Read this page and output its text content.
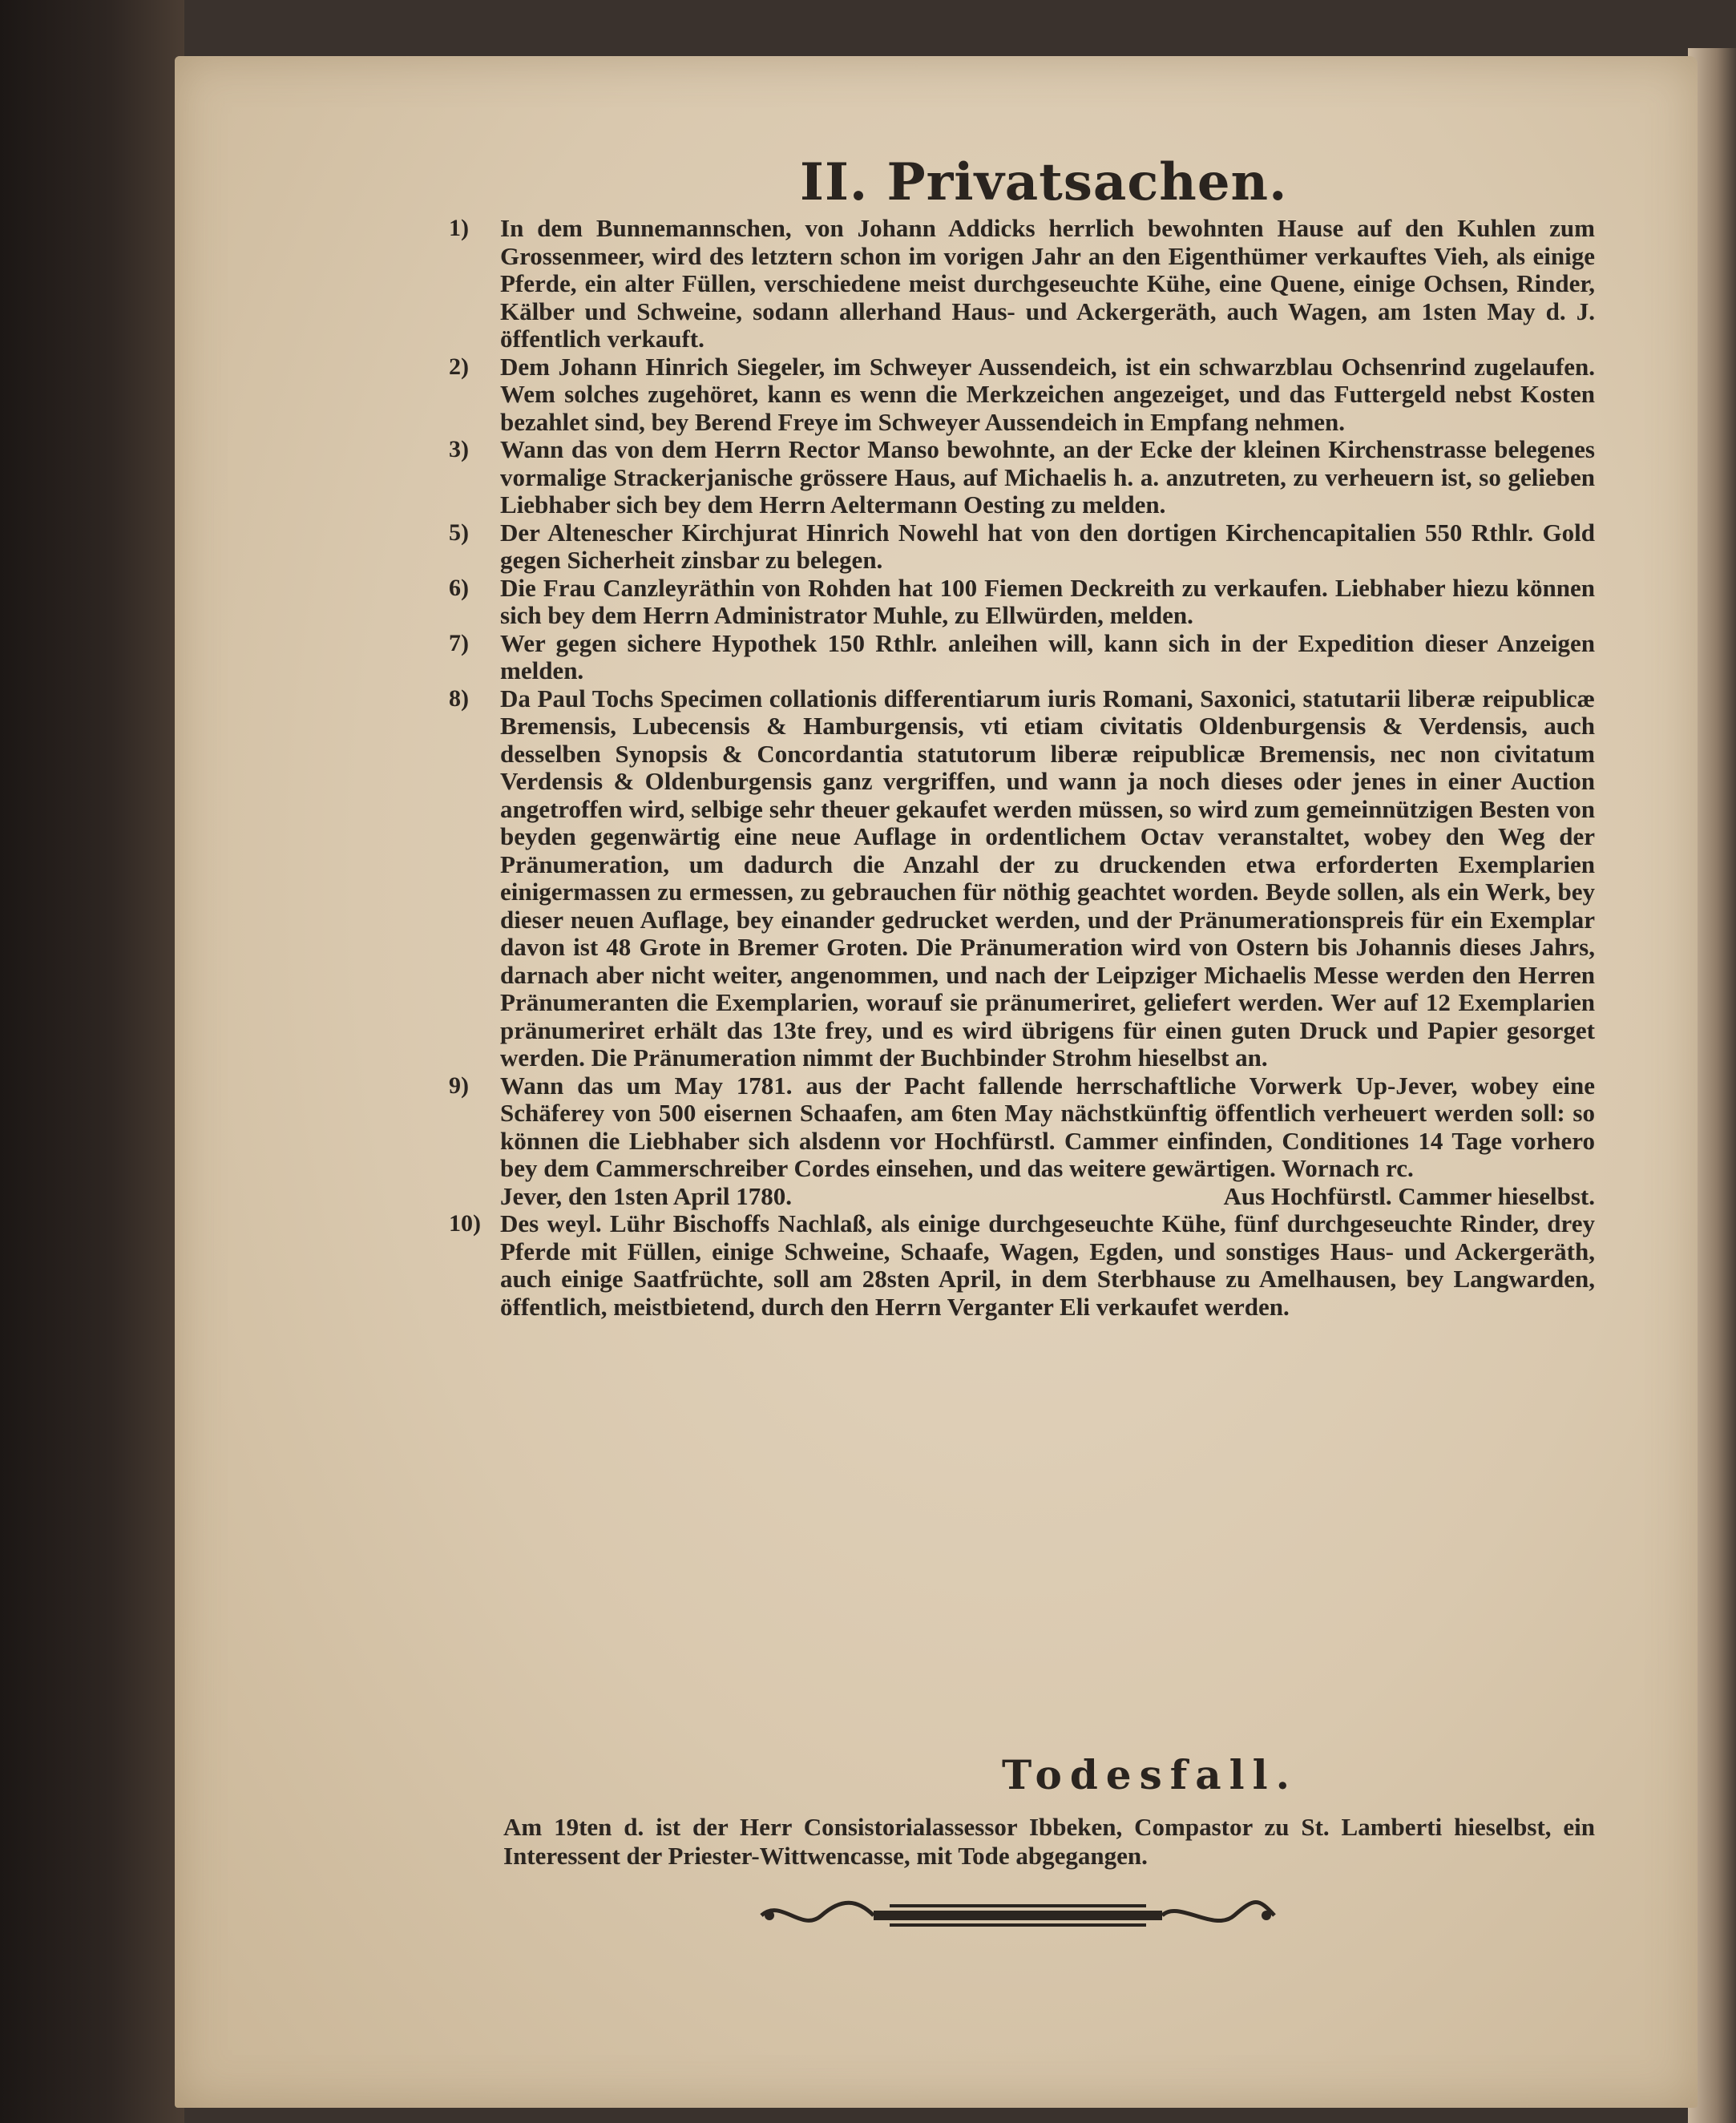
II. Privatsachen.

1)	In dem Bunnemannschen, von Johann Addicks herrlich bewohnten Hause auf den Kuhlen zum Grossenmeer, wird des letztern schon im vorigen Jahr an den Eigenthümer verkauftes Vieh, als einige Pferde, ein alter Füllen, verschiedene meist durchgeseuchte Kühe, eine Quene, einige Ochsen, Rinder, Kälber und Schweine, sodann allerhand Haus- und Ackergeräth, auch Wagen, am 1sten May d. J. öffentlich verkauft.

2)	Dem Johann Hinrich Siegeler, im Schweyer Aussendeich, ist ein schwarzblau Ochsenrind zugelaufen. Wem solches zugehöret, kann es wenn die Merkzeichen angezeiget, und das Futtergeld nebst Kosten bezahlet sind, bey Berend Freye im Schweyer Aussendeich in Empfang nehmen.

3)	Wann das von dem Herrn Rector Manso bewohnte, an der Ecke der kleinen Kirchenstrasse belegenes vormalige Strackerjanische grössere Haus, auf Michaelis h. a. anzutreten, zu verheuern ist, so gelieben Liebhaber sich bey dem Herrn Aeltermann Oesting zu melden.

5)	Der Altenescher Kirchjurat Hinrich Nowehl hat von den dortigen Kirchencapitalien 550 Rthlr. Gold gegen Sicherheit zinsbar zu belegen.

6)	Die Frau Canzleyräthin von Rohden hat 100 Fiemen Deckreith zu verkaufen. Liebhaber hiezu können sich bey dem Herrn Administrator Muhle, zu Ellwürden, melden.

7)	Wer gegen sichere Hypothek 150 Rthlr. anleihen will, kann sich in der Expedition dieser Anzeigen melden.

8)	Da Paul Tochs Specimen collationis differentiarum iuris Romani, Saxonici, statutarii liberæ reipublicæ Bremensis, Lubecensis & Hamburgensis, vti etiam civitatis Oldenburgensis & Verdensis, auch desselben Synopsis & Concordantia statutorum liberæ reipublicæ Bremensis, nec non civitatum Verdensis & Oldenburgensis ganz vergriffen, und wann ja noch dieses oder jenes in einer Auction angetroffen wird, selbige sehr theuer gekaufet werden müssen, so wird zum gemeinnützigen Besten von beyden gegenwärtig eine neue Auflage in ordentlichem Octav veranstaltet, wobey den Weg der Pränumeration, um dadurch die Anzahl der zu druckenden etwa erforderten Exemplarien einigermassen zu ermessen, zu gebrauchen für nöthig geachtet worden. Beyde sollen, als ein Werk, bey dieser neuen Auflage, bey einander gedrucket werden, und der Pränumerationspreis für ein Exemplar davon ist 48 Grote in Bremer Groten. Die Pränumeration wird von Ostern bis Johannis dieses Jahrs, darnach aber nicht weiter, angenommen, und nach der Leipziger Michaelis Messe werden den Herren Pränumeranten die Exemplarien, worauf sie pränumeriret, geliefert werden. Wer auf 12 Exemplarien pränumeriret erhält das 13te frey, und es wird übrigens für einen guten Druck und Papier gesorget werden. Die Pränumeration nimmt der Buchbinder Strohm hieselbst an.

9)	Wann das um May 1781. aus der Pacht fallende herrschaftliche Vorwerk Up-Jever, wobey eine Schäferey von 500 eisernen Schaafen, am 6ten May nächstkünftig öffentlich verheuert werden soll: so können die Liebhaber sich alsdenn vor Hochfürstl. Cammer einfinden, Conditiones 14 Tage vorhero bey dem Cammerschreiber Cordes einsehen, und das weitere gewärtigen. Wornach rc.

Jever, den 1sten April 1780.	Aus Hochfürstl. Cammer hieselbst.

10) Des weyl. Lühr Bischoffs Nachlaß, als einige durchgeseuchte Kühe, fünf durchgeseuchte Rinder, drey Pferde mit Füllen, einige Schweine, Schaafe, Wagen, Egden, und sonstiges Haus- und Ackergeräth, auch einige Saatfrüchte, soll am 28sten April, in dem Sterbhause zu Amelhausen, bey Langwarden, öffentlich, meistbietend, durch den Herrn Verganter Eli verkaufet werden.

Todesfall.
Am 19ten d. ist der Herr Consistorialassessor Ibbeken, Compastor zu St. Lamberti hieselbst, ein Interessent der Priester-Wittwencasse, mit Tode abgegangen.
